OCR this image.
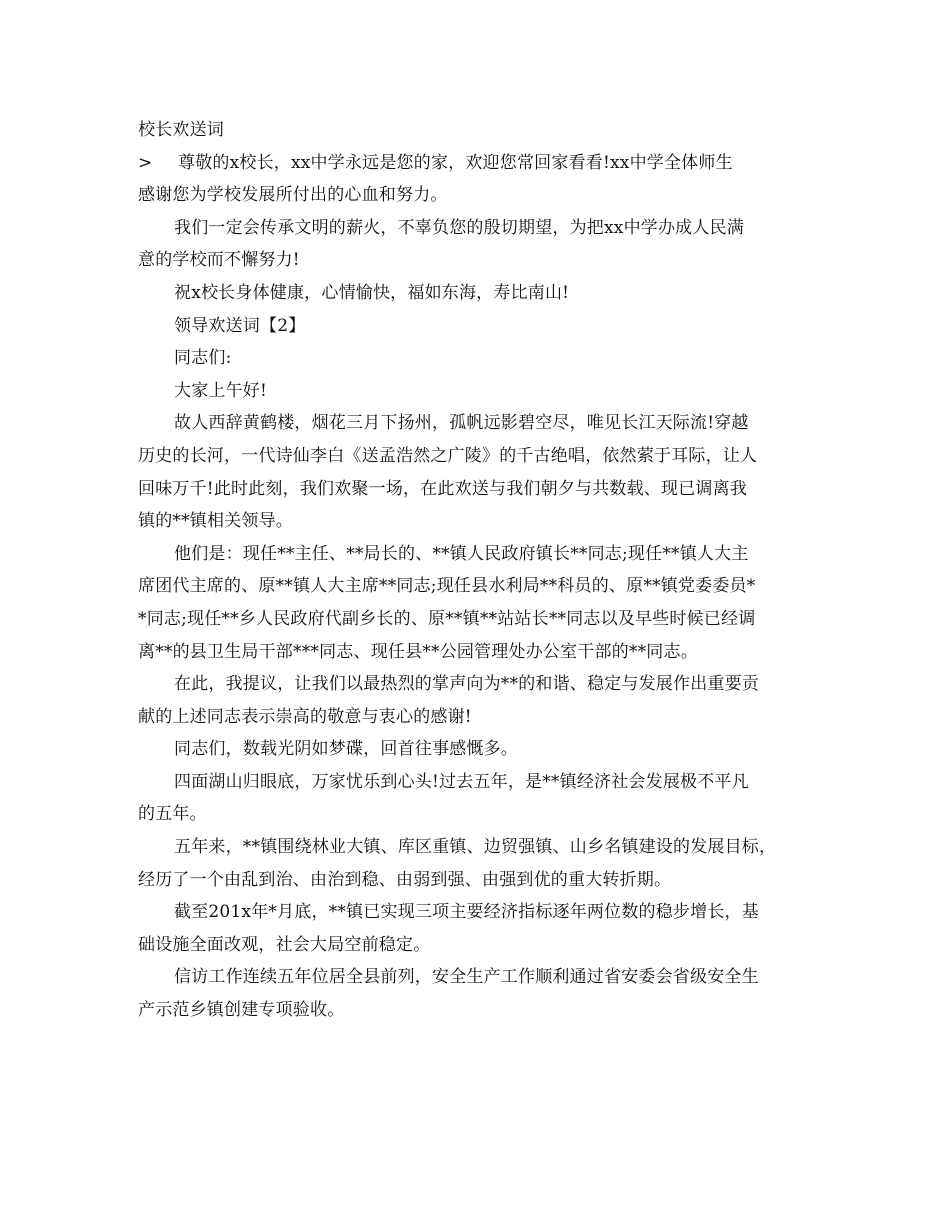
校长欢送词
> 尊敬的x校长，xx中学永远是您的家，欢迎您常回家看看!xx中学全体师生
感谢您为学校发展所付出的心血和努力。
我们一定会传承文明的薪火，不辜负您的殷切期望，为把xx中学办成人民满
意的学校而不懈努力!
祝x校长身体健康，心情愉快，福如东海，寿比南山!
领导欢送词【2】
同志们:
大家上午好!
故人西辞黄鹤楼，烟花三月下扬州，孤帆远影碧空尽，唯见长江天际流!穿越
历史的长河，一代诗仙李白《送孟浩然之广陵》的千古绝唱，依然萦于耳际，让人
回味万千!此时此刻，我们欢聚一场，在此欢送与我们朝夕与共数载、现已调离我
镇的**镇相关领导。
他们是：现任**主任、**局长的、**镇人民政府镇长**同志;现任**镇人大主
席团代主席的、原**镇人大主席**同志;现任县水利局**科员的、原**镇党委委员*
*同志;现任**乡人民政府代副乡长的、原**镇**站站长**同志以及早些时候已经调
离**的县卫生局干部***同志、现任县**公园管理处办公室干部的**同志。
在此，我提议，让我们以最热烈的掌声向为**的和谐、稳定与发展作出重要贡
献的上述同志表示崇高的敬意与衷心的感谢!
同志们，数载光阴如梦碟，回首往事感慨多。
四面湖山归眼底，万家忧乐到心头!过去五年，是**镇经济社会发展极不平凡
的五年。
五年来，**镇围绕林业大镇、库区重镇、边贸强镇、山乡名镇建设的发展目标，
经历了一个由乱到治、由治到稳、由弱到强、由强到优的重大转折期。
截至201x年*月底，**镇已实现三项主要经济指标逐年两位数的稳步增长，基
础设施全面改观，社会大局空前稳定。
信访工作连续五年位居全县前列，安全生产工作顺利通过省安委会省级安全生
产示范乡镇创建专项验收。
